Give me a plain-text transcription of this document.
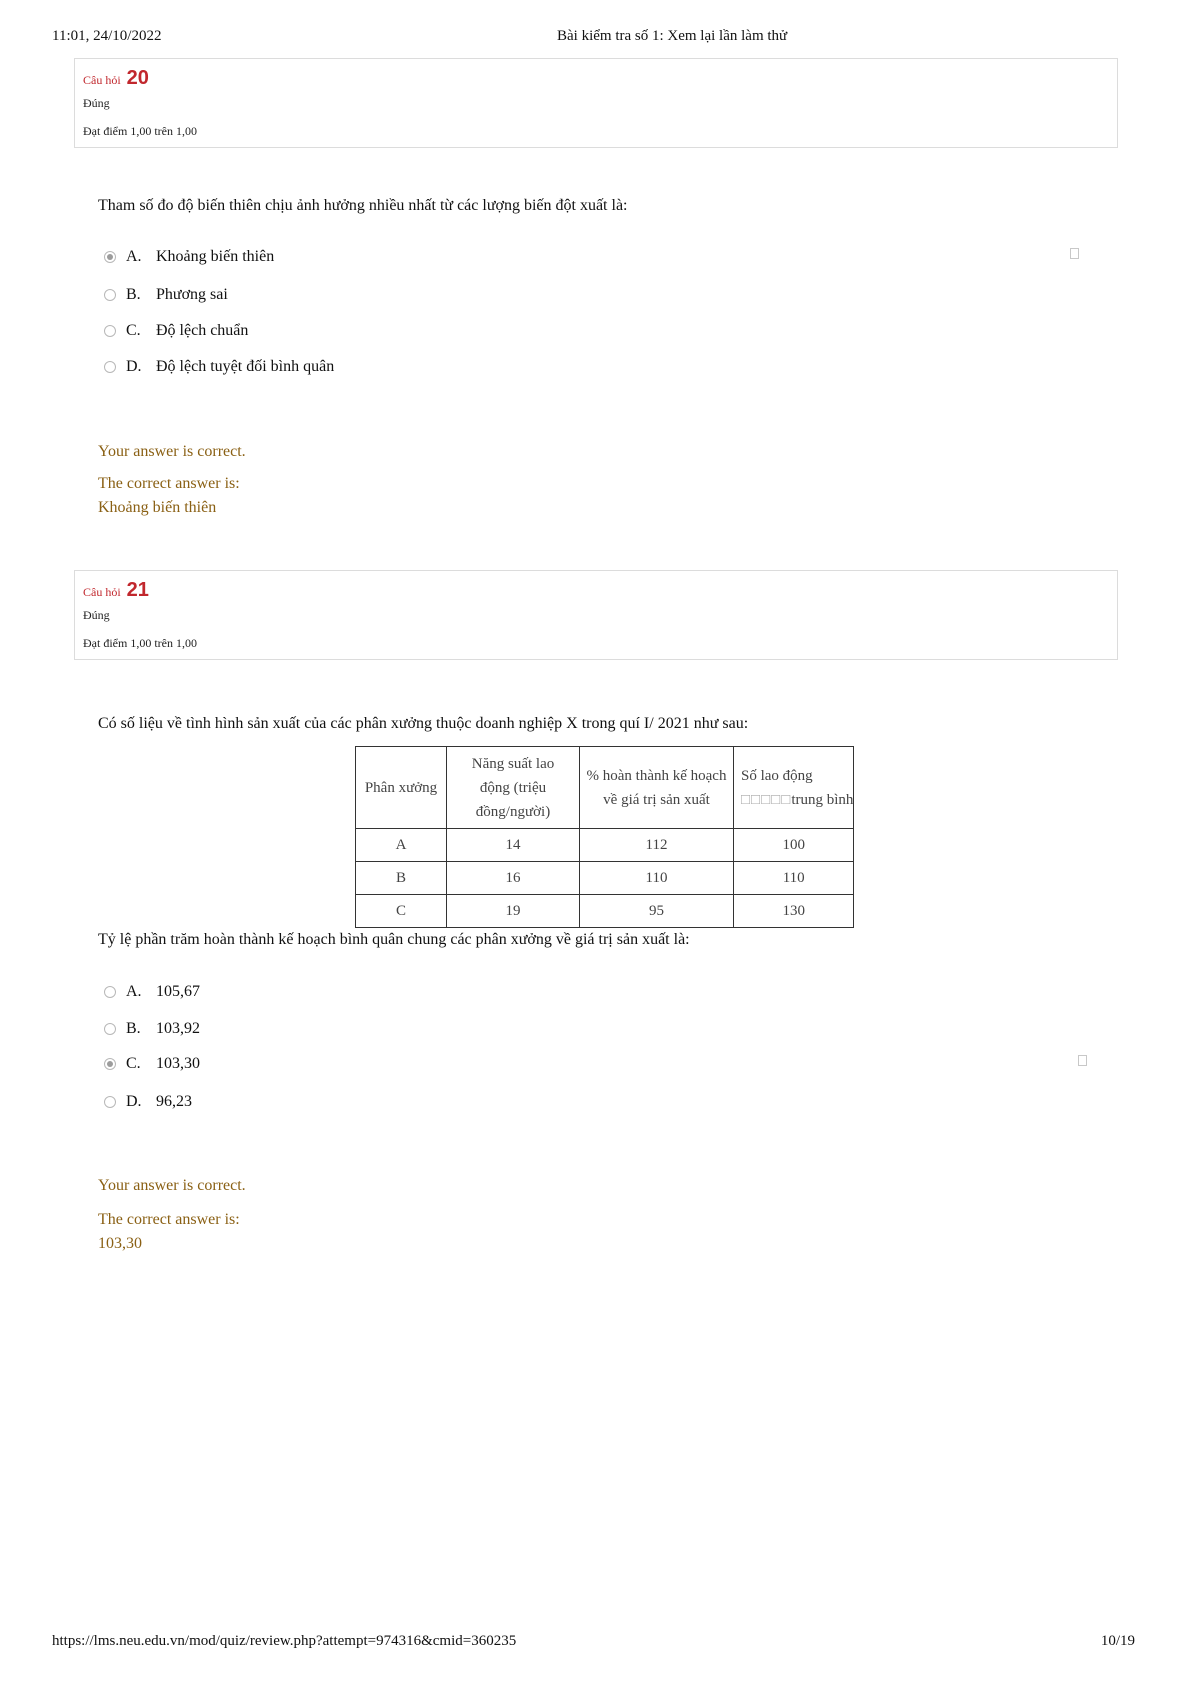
11:01, 24/10/2022	Bài kiểm tra số 1: Xem lại lần làm thử
Câu hỏi 20
Đúng
Đạt điểm 1,00 trên 1,00
Tham số đo độ biến thiên chịu ảnh hưởng nhiều nhất từ các lượng biến đột xuất là:
A. Khoảng biến thiên
B. Phương sai
C. Độ lệch chuẩn
D. Độ lệch tuyệt đối bình quân
Your answer is correct.
The correct answer is:
Khoảng biến thiên
Câu hỏi 21
Đúng
Đạt điểm 1,00 trên 1,00
Có số liệu về tình hình sản xuất của các phân xưởng thuộc doanh nghiệp X trong quí I/ 2021 như sau:
Phân xưởng	Năng suất lao động (triệu đồng/người)	% hoàn thành kế hoạch về giá trị sản xuất	Số lao động
□□□□□trung bình

A	14	112	100
B	16	110	110
C	19	95	130
Tỷ lệ phần trăm hoàn thành kế hoạch bình quân chung các phân xưởng về giá trị sản xuất là:
A. 105,67
B. 103,92
C. 103,30
D. 96,23
Your answer is correct.
The correct answer is:
103,30
https://lms.neu.edu.vn/mod/quiz/review.php?attempt=974316&cmid=360235	10/19
